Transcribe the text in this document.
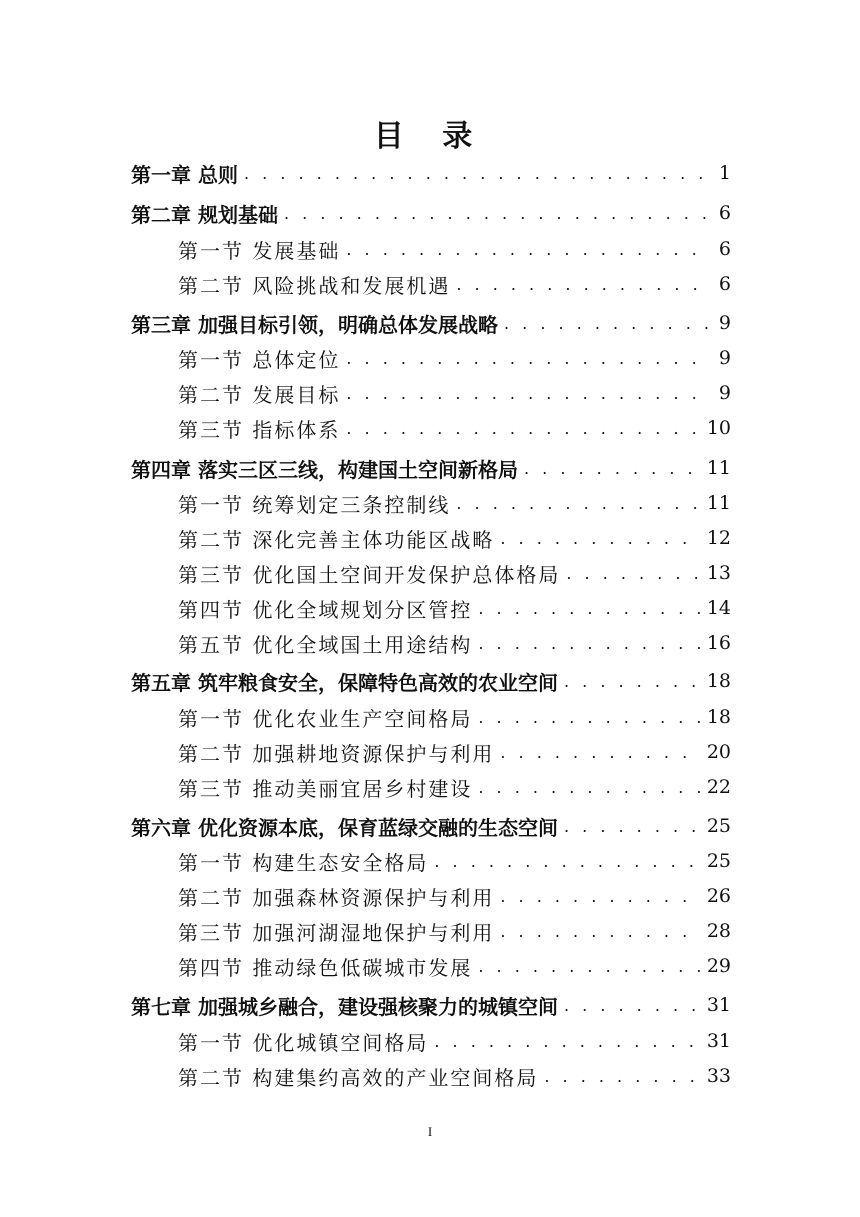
目 录
第一章 总则 . . .	1
第二章 规划基础 . . .	6
第一节 发展基础 . . .	6
第二节 风险挑战和发展机遇 . . .	6
第三章 加强目标引领，明确总体发展战略 . . .	9
第一节 总体定位 . . .	9
第二节 发展目标 . . .	9
第三节 指标体系 . . .	10
第四章 落实三区三线，构建国土空间新格局 . . .	11
第一节 统筹划定三条控制线 . . .	11
第二节 深化完善主体功能区战略 . . .	12
第三节 优化国土空间开发保护总体格局 . . .	13
第四节 优化全域规划分区管控 . . .	14
第五节 优化全域国土用途结构 . . .	16
第五章 筑牢粮食安全，保障特色高效的农业空间 . . .	18
第一节 优化农业生产空间格局 . . .	18
第二节 加强耕地资源保护与利用 . . .	20
第三节 推动美丽宜居乡村建设 . . .	22
第六章 优化资源本底，保育蓝绿交融的生态空间 . . .	25
第一节 构建生态安全格局 . . .	25
第二节 加强森林资源保护与利用 . . .	26
第三节 加强河湖湿地保护与利用 . . .	28
第四节 推动绿色低碳城市发展 . . .	29
第七章 加强城乡融合，建设强核聚力的城镇空间 . . .	31
第一节 优化城镇空间格局 . . .	31
第二节 构建集约高效的产业空间格局 . . .	33
I
